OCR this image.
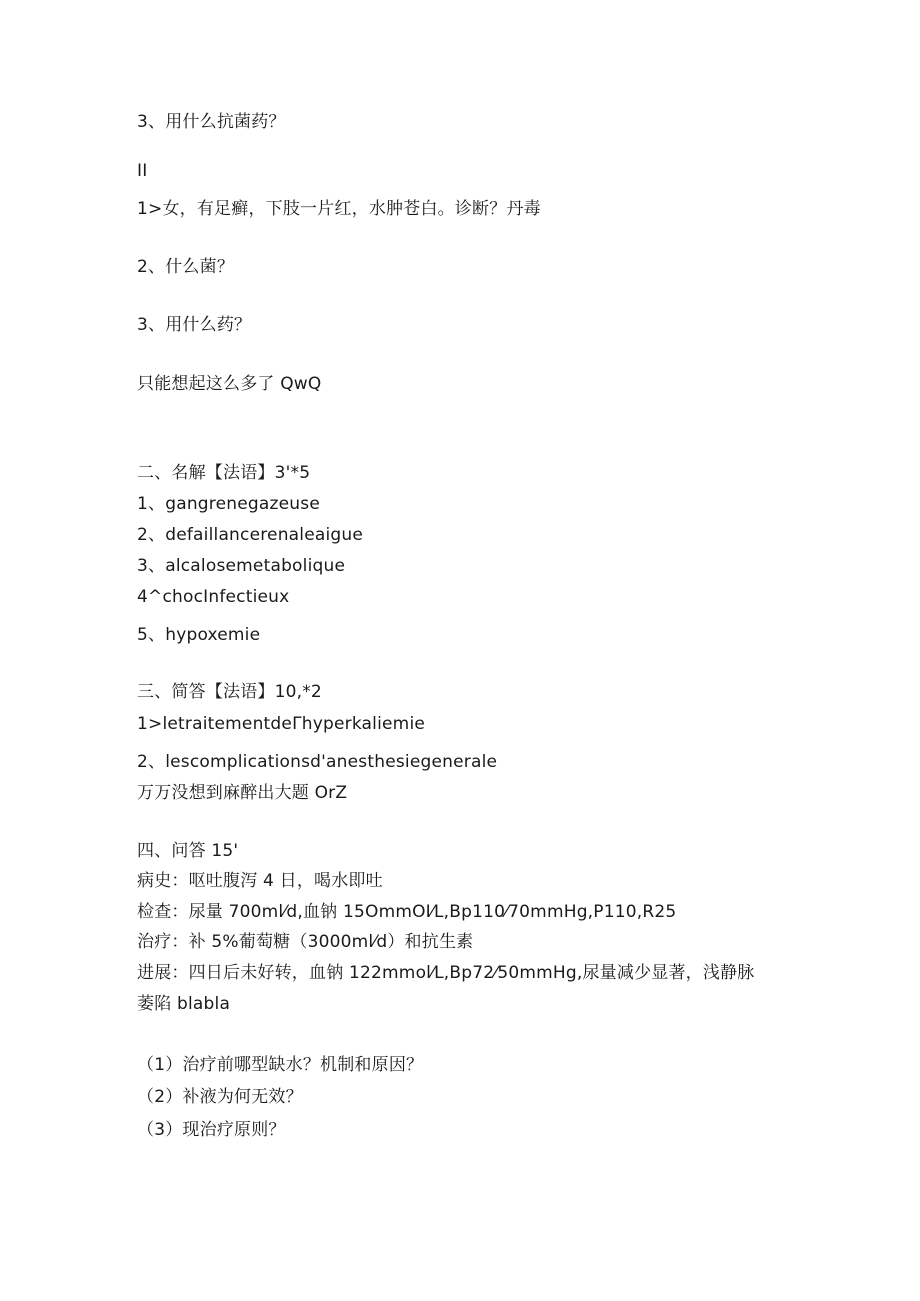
3、用什么抗菌药？
II
1>女，有足癣，下肢一片红，水肿苍白。诊断？丹毒
2、什么菌？
3、用什么药？
只能想起这么多了 QwQ
二、名解【法语】3'*5
1、gangrenegazeuse
2、defaillancerenaleaigue
3、alcalosemetabolique
4^chocInfectieux
5、hypoxemie
三、简答【法语】10,*2
1>letraitementdeΓhyperkaliemie
2、lescomplicationsd'anesthesiegenerale
万万没想到麻醉出大题 OrZ
四、问答 15'
病史：呕吐腹泻 4 日，喝水即吐
检查：尿量 700ml⁄d,血钠 15OmmOI⁄L,Bp110⁄70mmHg,P110,R25
治疗：补 5%葡萄糖（3000ml⁄d）和抗生素
进展：四日后未好转，血钠 122mmol⁄L,Bp72⁄50mmHg,尿量减少显著，浅静脉
萎陷 blabla
（1）治疗前哪型缺水？机制和原因？
（2）补液为何无效？
（3）现治疗原则？
